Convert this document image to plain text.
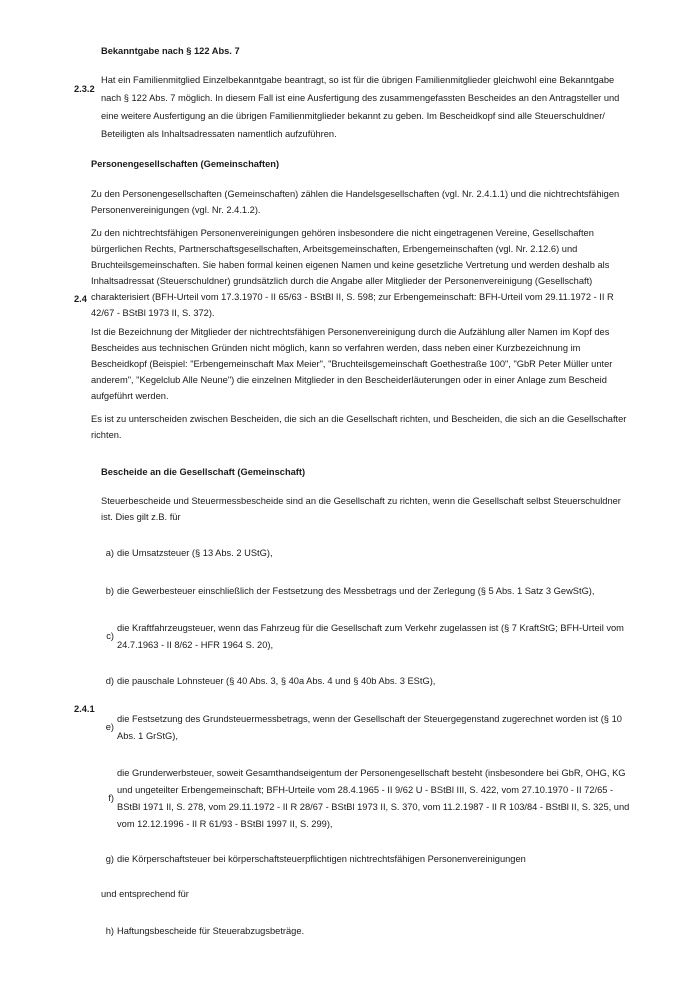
Bekanntgabe nach § 122 Abs. 7
2.3.2

Hat ein Familienmitglied Einzelbekanntgabe beantragt, so ist für die übrigen Familienmitglieder gleichwohl eine Bekanntgabe nach § 122 Abs. 7 möglich. In diesem Fall ist eine Ausfertigung des zusammengefassten Bescheides an den Antragsteller und eine weitere Ausfertigung an die übrigen Familienmitglieder bekannt zu geben. Im Bescheidkopf sind alle Steuerschuldner/ Beteiligten als Inhaltsadressaten namentlich aufzuführen.

Personengesellschaften (Gemeinschaften)
2.4

Zu den Personengesellschaften (Gemeinschaften) zählen die Handelsgesellschaften (vgl. Nr. 2.4.1.1) und die nichtrechtsfähigen Personenvereinigungen (vgl. Nr. 2.4.1.2).

Zu den nichtrechtsfähigen Personenvereinigungen gehören insbesondere die nicht eingetragenen Vereine, Gesellschaften bürgerlichen Rechts, Partnerschaftsgesellschaften, Arbeitsgemeinschaften, Erbengemeinschaften (vgl. Nr. 2.12.6) und Bruchteilsgemeinschaften. Sie haben formal keinen eigenen Namen und keine gesetzliche Vertretung und werden deshalb als Inhaltsadressat (Steuerschuldner) grundsätzlich durch die Angabe aller Mitglieder der Personenvereinigung (Gesellschaft) charakterisiert (BFH-Urteil vom 17.3.1970 - II 65/63 - BStBl II, S. 598; zur Erbengemeinschaft: BFH-Urteil vom 29.11.1972 - II R 42/67 - BStBl 1973 II, S. 372).

Ist die Bezeichnung der Mitglieder der nichtrechtsfähigen Personenvereinigung durch die Aufzählung aller Namen im Kopf des Bescheides aus technischen Gründen nicht möglich, kann so verfahren werden, dass neben einer Kurzbezeichnung im Bescheidkopf (Beispiel: "Erbengemeinschaft Max Meier", "Bruchteilsgemeinschaft Goethestraße 100", "GbR Peter Müller unter anderem", "Kegelclub Alle Neune") die einzelnen Mitglieder in den Bescheiderläuterungen oder in einer Anlage zum Bescheid aufgeführt werden.

Es ist zu unterscheiden zwischen Bescheiden, die sich an die Gesellschaft richten, und Bescheiden, die sich an die Gesellschafter richten.

Bescheide an die Gesellschaft (Gemeinschaft)
2.4.1

Steuerbescheide und Steuermessbescheide sind an die Gesellschaft zu richten, wenn die Gesellschaft selbst Steuerschuldner ist. Dies gilt z.B. für

a) die Umsatzsteuer (§ 13 Abs. 2 UStG),
b) die Gewerbesteuer einschließlich der Festsetzung des Messbetrags und der Zerlegung (§ 5 Abs. 1 Satz 3 GewStG),
c)
die Kraftfahrzeugsteuer, wenn das Fahrzeug für die Gesellschaft zum Verkehr zugelassen ist (§ 7 KraftStG; BFH-Urteil vom 24.7.1963 - II 8/62 - HFR 1964 S. 20),
d) die pauschale Lohnsteuer (§ 40 Abs. 3, § 40a Abs. 4 und § 40b Abs. 3 EStG),
e)
die Festsetzung des Grundsteuermessbetrags, wenn der Gesellschaft der Steuergegenstand zugerechnet worden ist (§ 10 Abs. 1 GrStG),
f)
die Grunderwerbsteuer, soweit Gesamthandseigentum der Personengesellschaft besteht (insbesondere bei GbR, OHG, KG und ungeteilter Erbengemeinschaft; BFH-Urteile vom 28.4.1965 - II 9/62 U - BStBl III, S. 422, vom 27.10.1970 - II 72/65 - BStBl 1971 II, S. 278, vom 29.11.1972 - II R 28/67 - BStBl 1973 II, S. 370, vom 11.2.1987 - II R 103/84 - BStBl II, S. 325, und vom 12.12.1996 - II R 61/93 - BStBl 1997 II, S. 299),
g) die Körperschaftsteuer bei körperschaftsteuerpflichtigen nichtrechtsfähigen Personenvereinigungen
und entsprechend für
h) Haftungsbescheide für Steuerabzugsbeträge.
